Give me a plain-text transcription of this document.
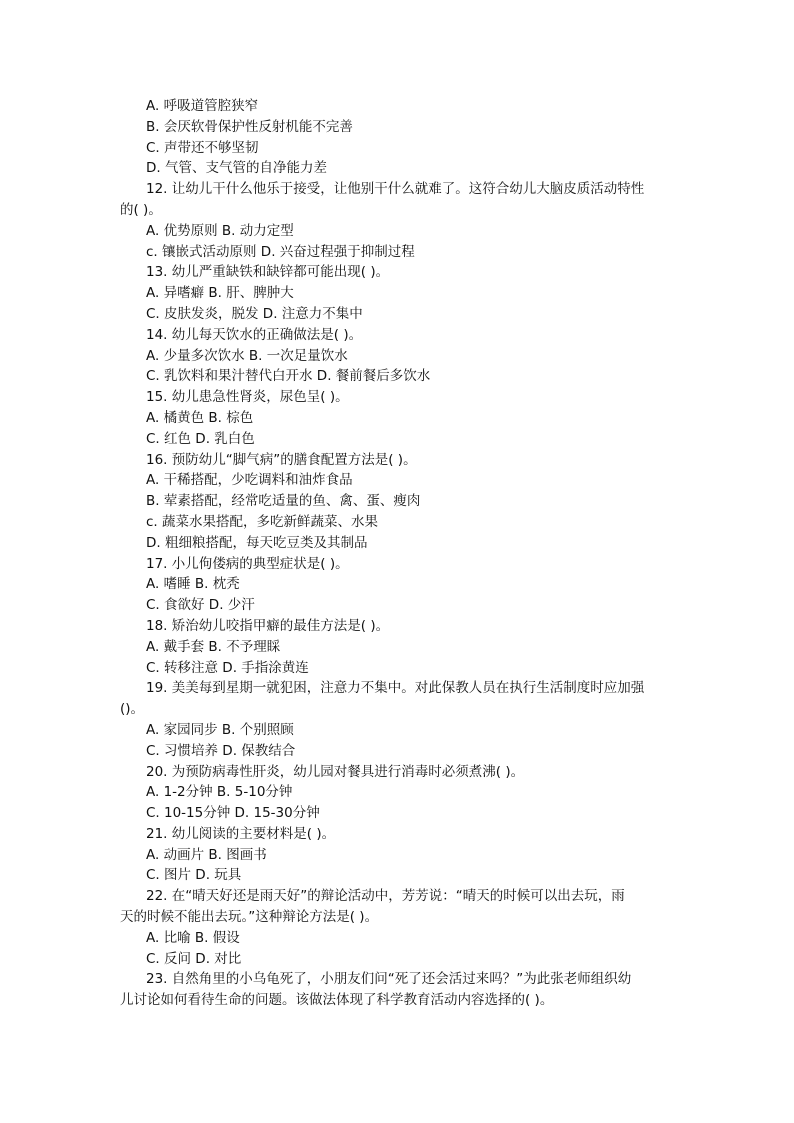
A. 呼吸道管腔狭窄
B. 会厌软骨保护性反射机能不完善
C. 声带还不够坚韧
D. 气管、支气管的自净能力差
12. 让幼儿干什么他乐于接受，让他别干什么就难了。这符合幼儿大脑皮质活动特性
的( )。
A. 优势原则 B. 动力定型
c. 镶嵌式活动原则 D. 兴奋过程强于抑制过程
13. 幼儿严重缺铁和缺锌都可能出现( )。
A. 异嗜癖 B. 肝、脾肿大
C. 皮肤发炎，脱发 D. 注意力不集中
14. 幼儿每天饮水的正确做法是( )。
A. 少量多次饮水 B. 一次足量饮水
C. 乳饮料和果汁替代白开水 D. 餐前餐后多饮水
15. 幼儿患急性肾炎，尿色呈( )。
A. 橘黄色 B. 棕色
C. 红色 D. 乳白色
16. 预防幼儿“脚气病”的膳食配置方法是( )。
A. 干稀搭配，少吃调料和油炸食品
B. 荤素搭配，经常吃适量的鱼、禽、蛋、瘦肉
c. 蔬菜水果搭配，多吃新鲜蔬菜、水果
D. 粗细粮搭配，每天吃豆类及其制品
17. 小儿佝偻病的典型症状是( )。
A. 嗜睡 B. 枕秃
C. 食欲好 D. 少汗
18. 矫治幼儿咬指甲癖的最佳方法是( )。
A. 戴手套 B. 不予理睬
C. 转移注意 D. 手指涂黄连
19. 美美每到星期一就犯困，注意力不集中。对此保教人员在执行生活制度时应加强
()。
A. 家园同步 B. 个别照顾
C. 习惯培养 D. 保教结合
20. 为预防病毒性肝炎，幼儿园对餐具进行消毒时必须煮沸( )。
A. 1-2分钟 B. 5-10分钟
C. 10-15分钟 D. 15-30分钟
21. 幼儿阅读的主要材料是( )。
A. 动画片 B. 图画书
C. 图片 D. 玩具
22. 在“晴天好还是雨天好”的辩论活动中，芳芳说：“晴天的时候可以出去玩，雨
天的时候不能出去玩。”这种辩论方法是( )。
A. 比喻 B. 假设
C. 反问 D. 对比
23. 自然角里的小乌龟死了，小朋友们问“死了还会活过来吗？”为此张老师组织幼
儿讨论如何看待生命的问题。该做法体现了科学教育活动内容选择的( )。
